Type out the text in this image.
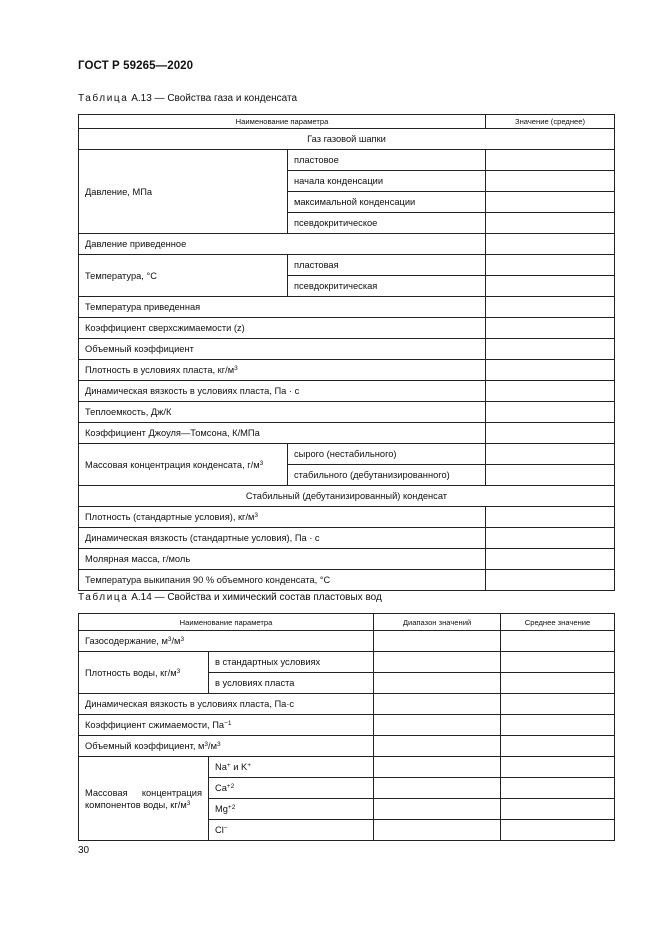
ГОСТ Р 59265—2020
Таблица А.13 — Свойства газа и конденсата
Наименование параметра		Значение (среднее)
Газ газовой шапки		
Давление, МПа	пластовое	
	начала конденсации	
	максимальной конденсации	
	псевдокритическое	
Давление приведенное		
Температура, °С	пластовая	
	псевдокритическая	
Температура приведенная		
Коэффициент сверхсжимаемости (z)		
Объемный коэффициент		
Плотность в условиях пласта, $кг/м^3$	
Динамическая вязкость в условиях пласта, Па · с		
Теплоемкость, Дж/К		
Коэффициент Джоуля—Томсона, К/МПа		
Массовая концентрация конденсата, $г/м^3$	сырого (нестабильного)	
	стабильного (дебутанизированного)	
Стабильный (дебутанизированный) конденсат		
Плотность (стандартные условия), $кг/м^3$	
Динамическая вязкость (стандартные условия), Па · с		
Молярная масса, г/моль		
Температура выкипания 90 % объемного конденсата, °С		
Таблица А.14 — Свойства и химический состав пластовых вод
Наименование параметра		Диапазон значений	Среднее значение
Газосодержание, $м^3/м^3$		
Плотность воды, $кг/м^3$	в стандартных условиях		
	в условиях пласта		
Динамическая вязкость в условиях пласта, Па·с			
Коэффициент сжимаемости, $Па^{-1}$		
Объемный коэффициент, $м^3/м^3$		
Массовая концентрация компонентов воды, $кг/м^3$	Na+ и K+		
	$Ca^{+2}$		
	$Mg^{+2}$		
	Cl−		
30
